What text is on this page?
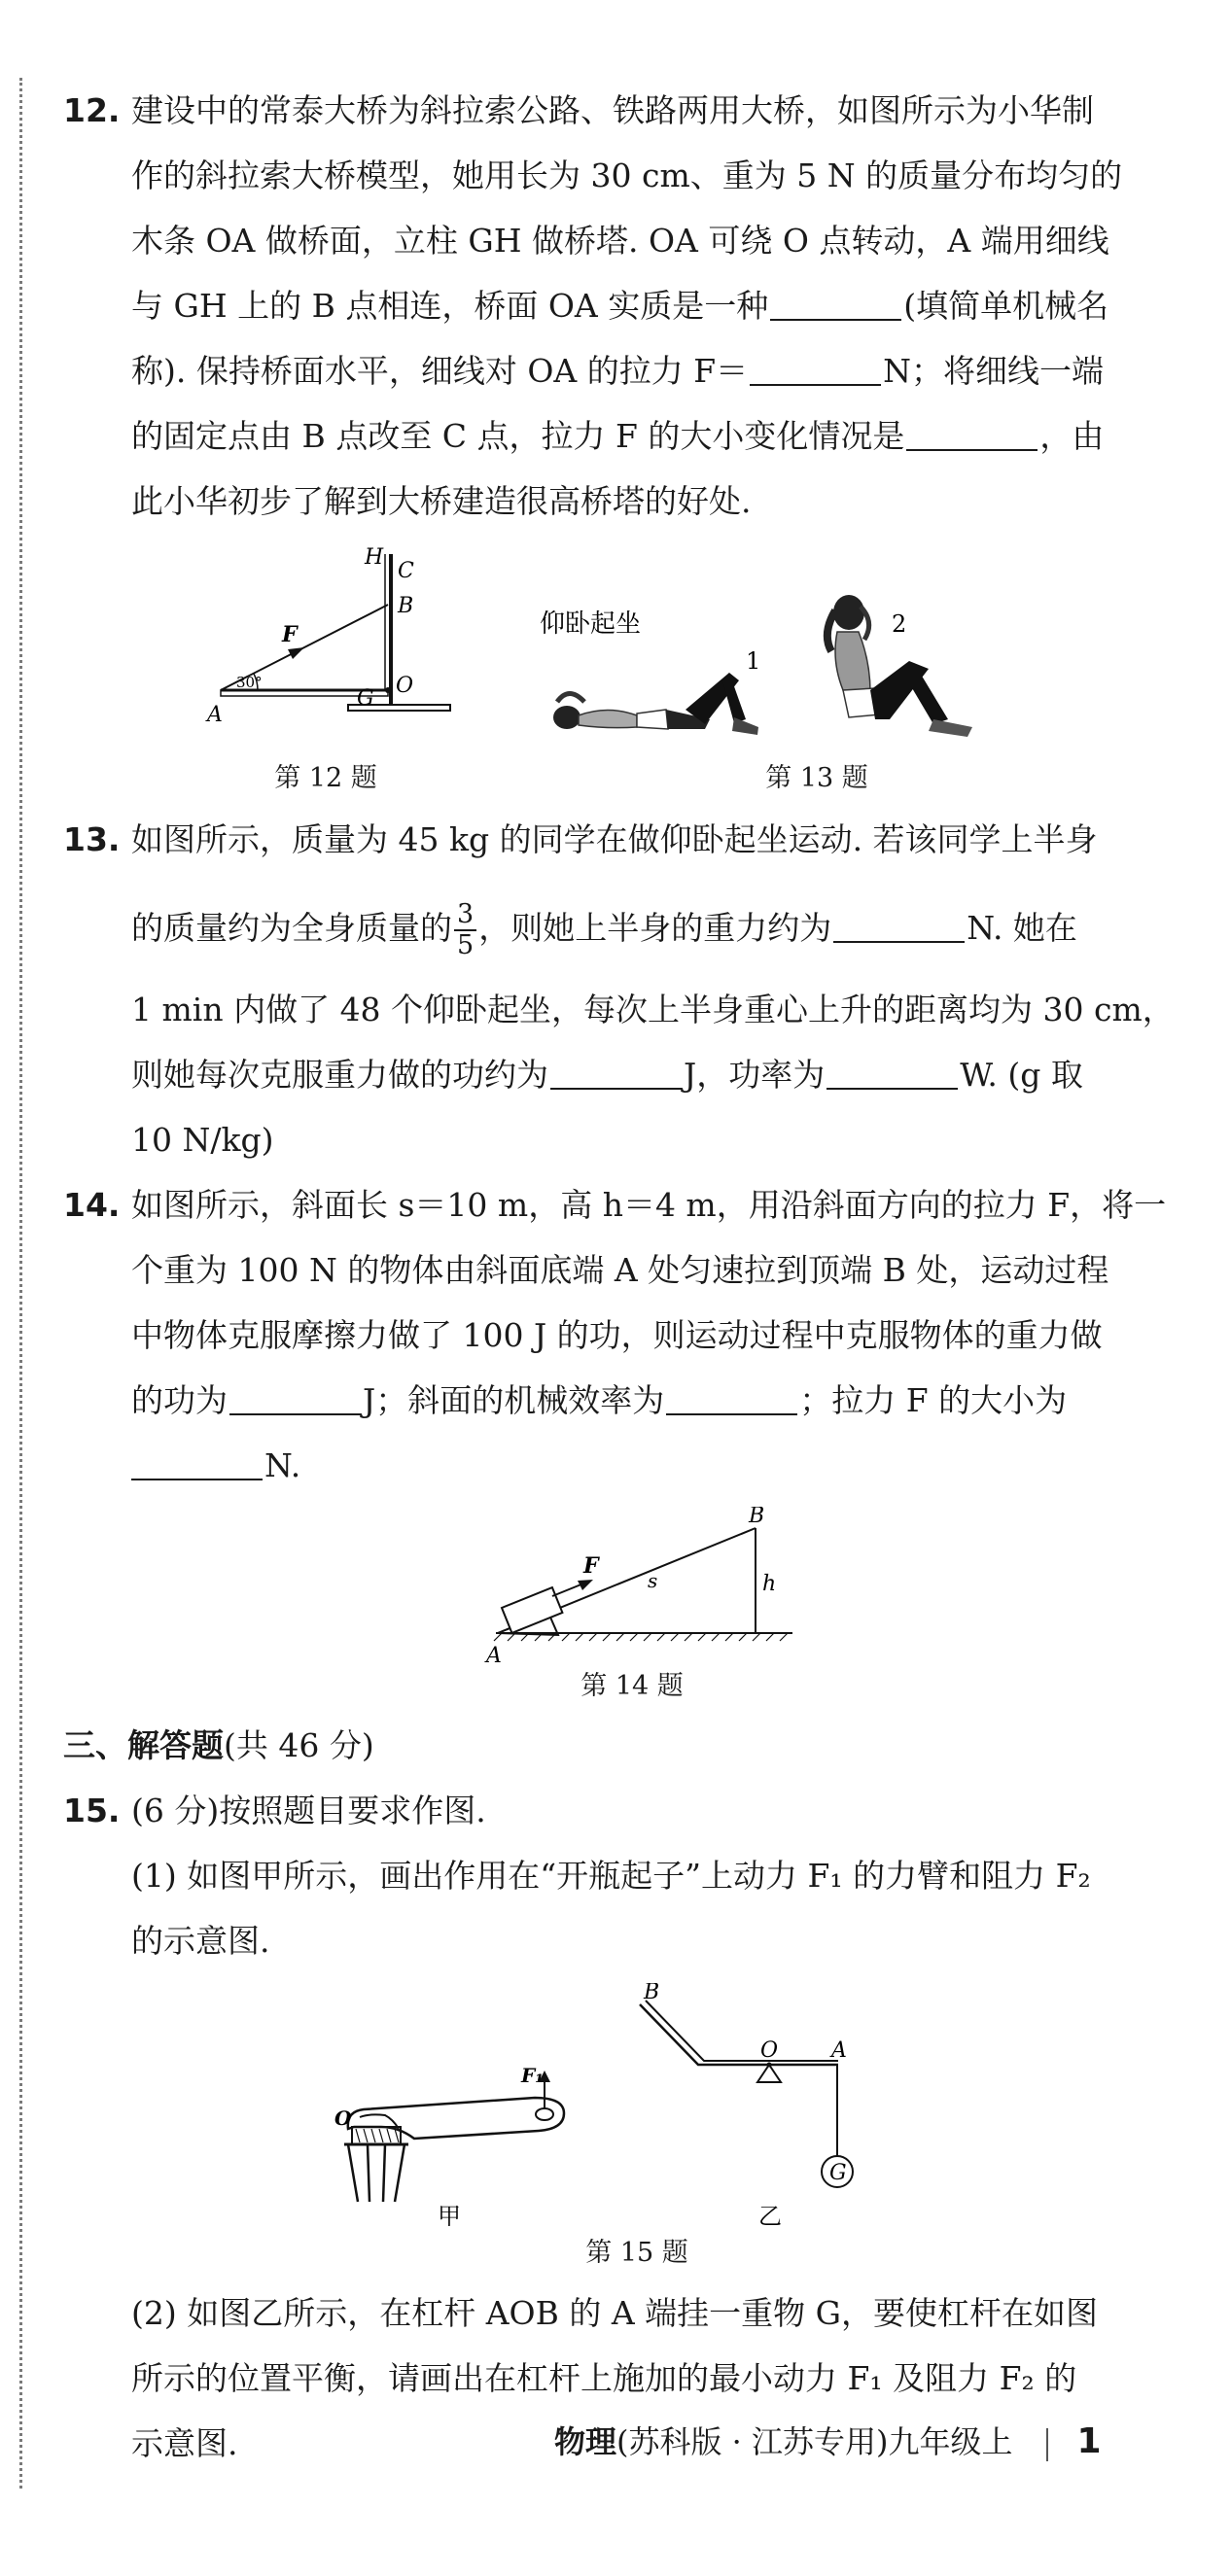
12. 建设中的常泰大桥为斜拉索公路、铁路两用大桥，如图所示为小华制
作的斜拉索大桥模型，她用长为 30 cm、重为 5 N 的质量分布均匀的
木条 OA 做桥面，立柱 GH 做桥塔. OA 可绕 O 点转动，A 端用细线
与 GH 上的 B 点相连，桥面 OA 实质是一种	(填简单机械名
称). 保持桥面水平，细线对 OA 的拉力 F＝	N；将细线一端
的固定点由 B 点改至 C 点，拉力 F 的大小变化情况是	，由
此小华初步了解到大桥建造很高桥塔的好处.
H
C
B
F
30°
A
O
G
第 12 题
仰卧起坐
1
2
第 13 题
13. 如图所示，质量为 45 kg 的同学在做仰卧起坐运动. 若该同学上半身
的质量约为全身质量的 $\frac{3}{5}$ ，则她上半身的重力约为	N. 她在
1 min 内做了 48 个仰卧起坐，每次上半身重心上升的距离均为 30 cm，
则她每次克服重力做的功约为	J，功率为	W. (g 取
10 N/kg)
14. 如图所示，斜面长 s＝10 m，高 h＝4 m，用沿斜面方向的拉力 F，将一
个重为 100 N 的物体由斜面底端 A 处匀速拉到顶端 B 处，运动过程
中物体克服摩擦力做了 100 J 的功，则运动过程中克服物体的重力做
的功为	J；斜面的机械效率为	；拉力 F 的大小为
N.
F
s	h
B
A
第 14 题
三、解答题(共 46 分)
15. (6 分)按照题目要求作图.
(1) 如图甲所示，画出作用在“开瓶起子”上动力 F₁ 的力臂和阻力 F₂
的示意图.
F₁
O
甲
G
B
O A
乙
第 15 题
(2) 如图乙所示，在杠杆 AOB 的 A 端挂一重物 G，要使杠杆在如图
所示的位置平衡，请画出在杠杆上施加的最小动力 F₁ 及阻力 F₂ 的
示意图.	物理(苏科版 · 江苏专用)九年级上 1
